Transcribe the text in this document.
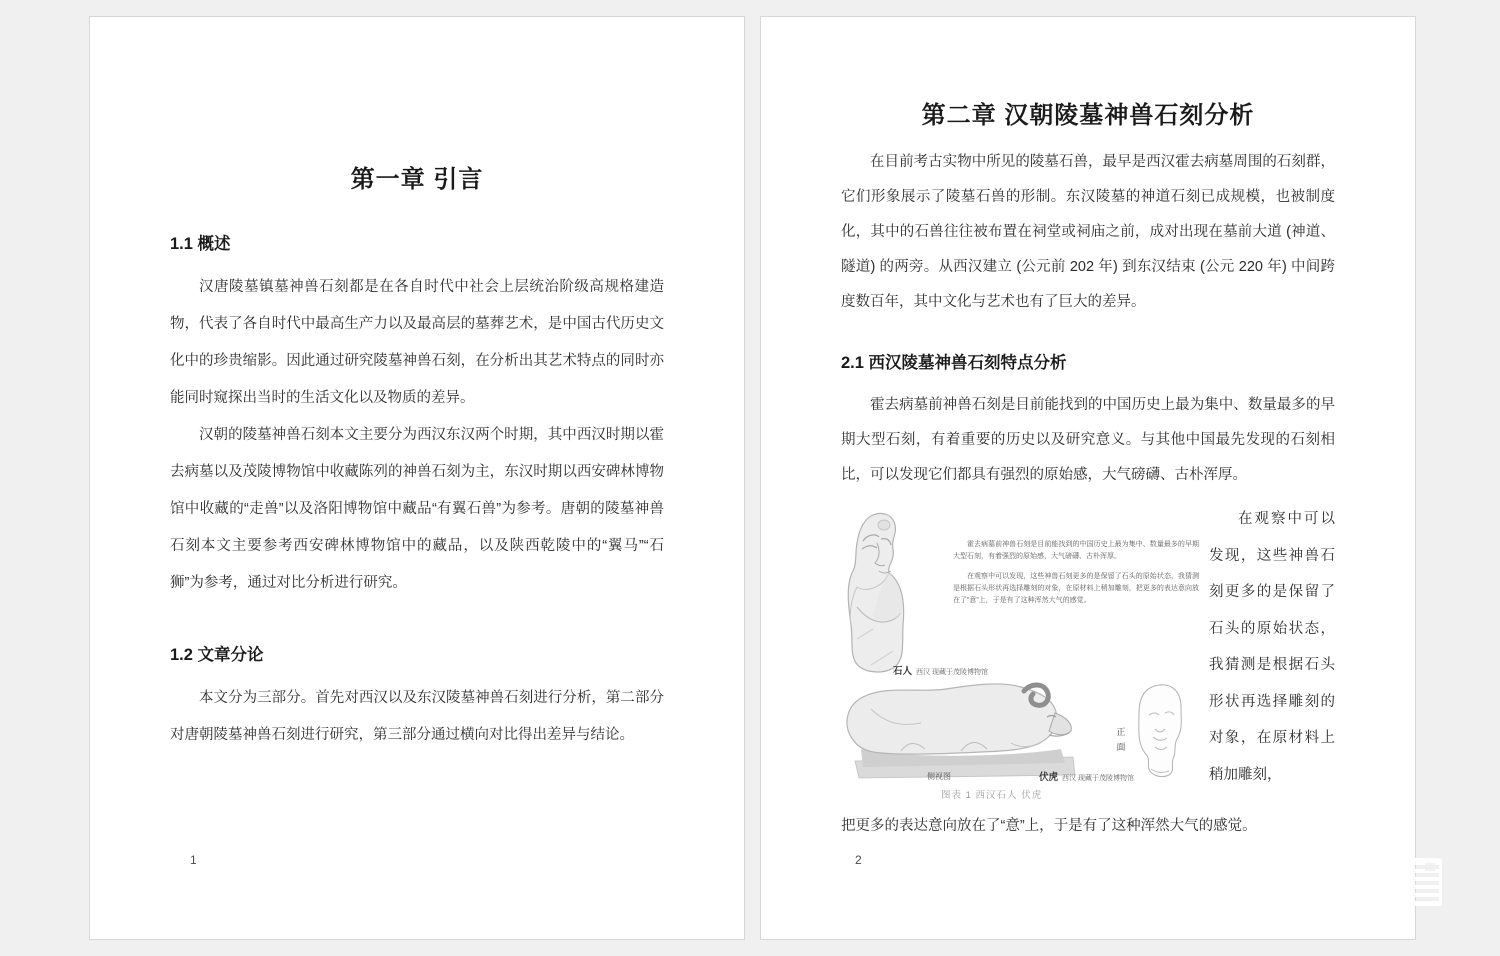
第一章 引言
1.1 概述

汉唐陵墓镇墓神兽石刻都是在各自时代中社会上层统治阶级高规格建造物，代表了各自时代中最高生产力以及最高层的墓葬艺术，是中国古代历史文化中的珍贵缩影。因此通过研究陵墓神兽石刻，在分析出其艺术特点的同时亦能同时窥探出当时的生活文化以及物质的差异。

汉朝的陵墓神兽石刻本文主要分为西汉东汉两个时期，其中西汉时期以霍去病墓以及茂陵博物馆中收藏陈列的神兽石刻为主，东汉时期以西安碑林博物馆中收藏的“走兽”以及洛阳博物馆中藏品“有翼石兽”为参考。唐朝的陵墓神兽石刻本文主要参考西安碑林博物馆中的藏品，以及陕西乾陵中的“翼马”“石狮”为参考，通过对比分析进行研究。

1.2 文章分论

本文分为三部分。首先对西汉以及东汉陵墓神兽石刻进行分析，第二部分对唐朝陵墓神兽石刻进行研究，第三部分通过横向对比得出差异与结论。

1
第二章 汉朝陵墓神兽石刻分析

在目前考古实物中所见的陵墓石兽，最早是西汉霍去病墓周围的石刻群，它们形象展示了陵墓石兽的形制。东汉陵墓的神道石刻已成规模，也被制度化，其中的石兽往往被布置在祠堂或祠庙之前，成对出现在墓前大道 (神道、隧道) 的两旁。从西汉建立 (公元前 202 年) 到东汉结束 (公元 220 年) 中间跨度数百年，其中文化与艺术也有了巨大的差异。

2.1 西汉陵墓神兽石刻特点分析

霍去病墓前神兽石刻是目前能找到的中国历史上最为集中、数量最多的早期大型石刻，有着重要的历史以及研究意义。与其他中国最先发现的石刻相比，可以发现它们都具有强烈的原始感，大气磅礴、古朴浑厚。

霍去病墓前神兽石刻是目前能找到的中国历史上最为集中、数量最多的早期大型石刻，有着强烈的原始感，大气磅礴、古朴浑厚。

在观察中可以发现，这些神兽石刻更多的是保留了石头的原始状态，我猜测是根据石头形状再选择雕刻的对象，在原材料上稍加雕刻，把更多的表达意向放在了“意”上，于是有了这种浑然大气的感觉。

石人 西汉 现藏于茂陵博物馆
正面
侧视图	伏虎 西汉 现藏于茂陵博物馆
图表 1 西汉石人 伏虎
在观察中可以发现，这些神兽石刻更多的是保留了石头的原始状态，我猜测是根据石头形状再选择雕刻的对象，在原材料上稍加雕刻，

把更多的表达意向放在了“意”上，于是有了这种浑然大气的感觉。

2
